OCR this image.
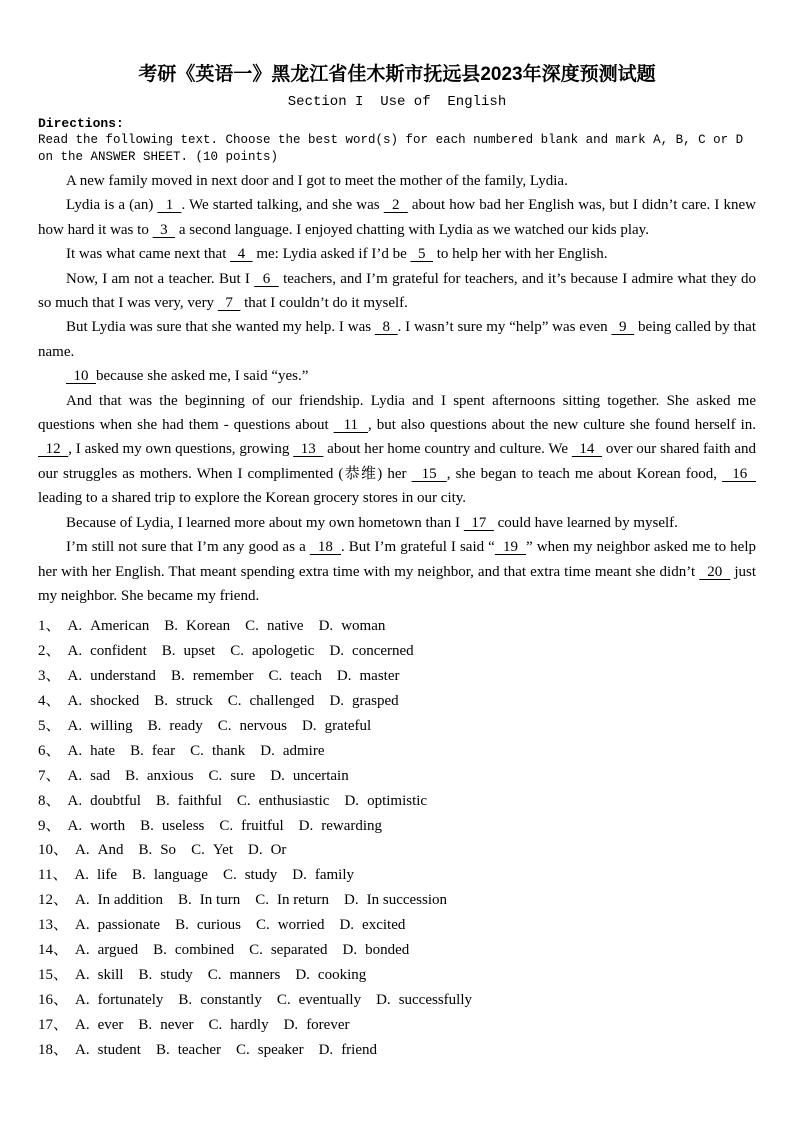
考研《英语一》黑龙江省佳木斯市抚远县2023年深度预测试题
Section I  Use of  English
Directions:
Read the following text. Choose the best word(s) for each numbered blank and mark A, B, C or D on the ANSWER SHEET. (10 points)

A new family moved in next door and I got to meet the mother of the family, Lydia.

Lydia is a (an)   1  . We started talking, and she was   2   about how bad her English was, but I didn’t care. I knew how hard it was to   3   a second language. I enjoyed chatting with Lydia as we watched our kids play.

It was what came next that   4   me: Lydia asked if I’d be   5   to help her with her English.

Now, I am not a teacher. But I   6   teachers, and I’m grateful for teachers, and it’s because I admire what they do so much that I was very, very   7   that I couldn’t do it myself.

But Lydia was sure that she wanted my help. I was   8  . I wasn’t sure my “help” was even   9   being called by that name.

10  because she asked me, I said “yes.”

And that was the beginning of our friendship. Lydia and I spent afternoons sitting together. She asked me questions when she had them - questions about   11  , but also questions about the new culture she found herself in.   12  , I asked my own questions, growing   13   about her home country and culture. We   14   over our shared faith and our struggles as mothers. When I complimented (恭维) her   15  , she began to teach me about Korean food,   16   leading to a shared trip to explore the Korean grocery stores in our city.

Because of Lydia, I learned more about my own hometown than I   17   could have learned by myself.

I’m still not sure that I’m any good as a   18  . But I’m grateful I said “  19  ” when my neighbor asked me to help her with her English. That meant spending extra time with my neighbor, and that extra time meant she didn’t   20   just my neighbor. She became my friend.

1、 A. American B. Korean C. native D. woman
2、 A. confident B. upset C. apologetic D. concerned
3、 A. understand B. remember C. teach D. master
4、 A. shocked B. struck C. challenged D. grasped
5、 A. willing B. ready C. nervous D. grateful
6、 A. hate B. fear C. thank D. admire
7、 A. sad B. anxious C. sure D. uncertain
8、 A. doubtful B. faithful C. enthusiastic D. optimistic
9、 A. worth B. useless C. fruitful D. rewarding
10、 A. And B. So C. Yet D. Or
11、 A. life B. language C. study D. family
12、 A. In addition B. In turn C. In return D. In succession
13、 A. passionate B. curious C. worried D. excited
14、 A. argued B. combined C. separated D. bonded
15、 A. skill B. study C. manners D. cooking
16、 A. fortunately B. constantly C. eventually D. successfully
17、 A. ever B. never C. hardly D. forever
18、 A. student B. teacher C. speaker D. friend
